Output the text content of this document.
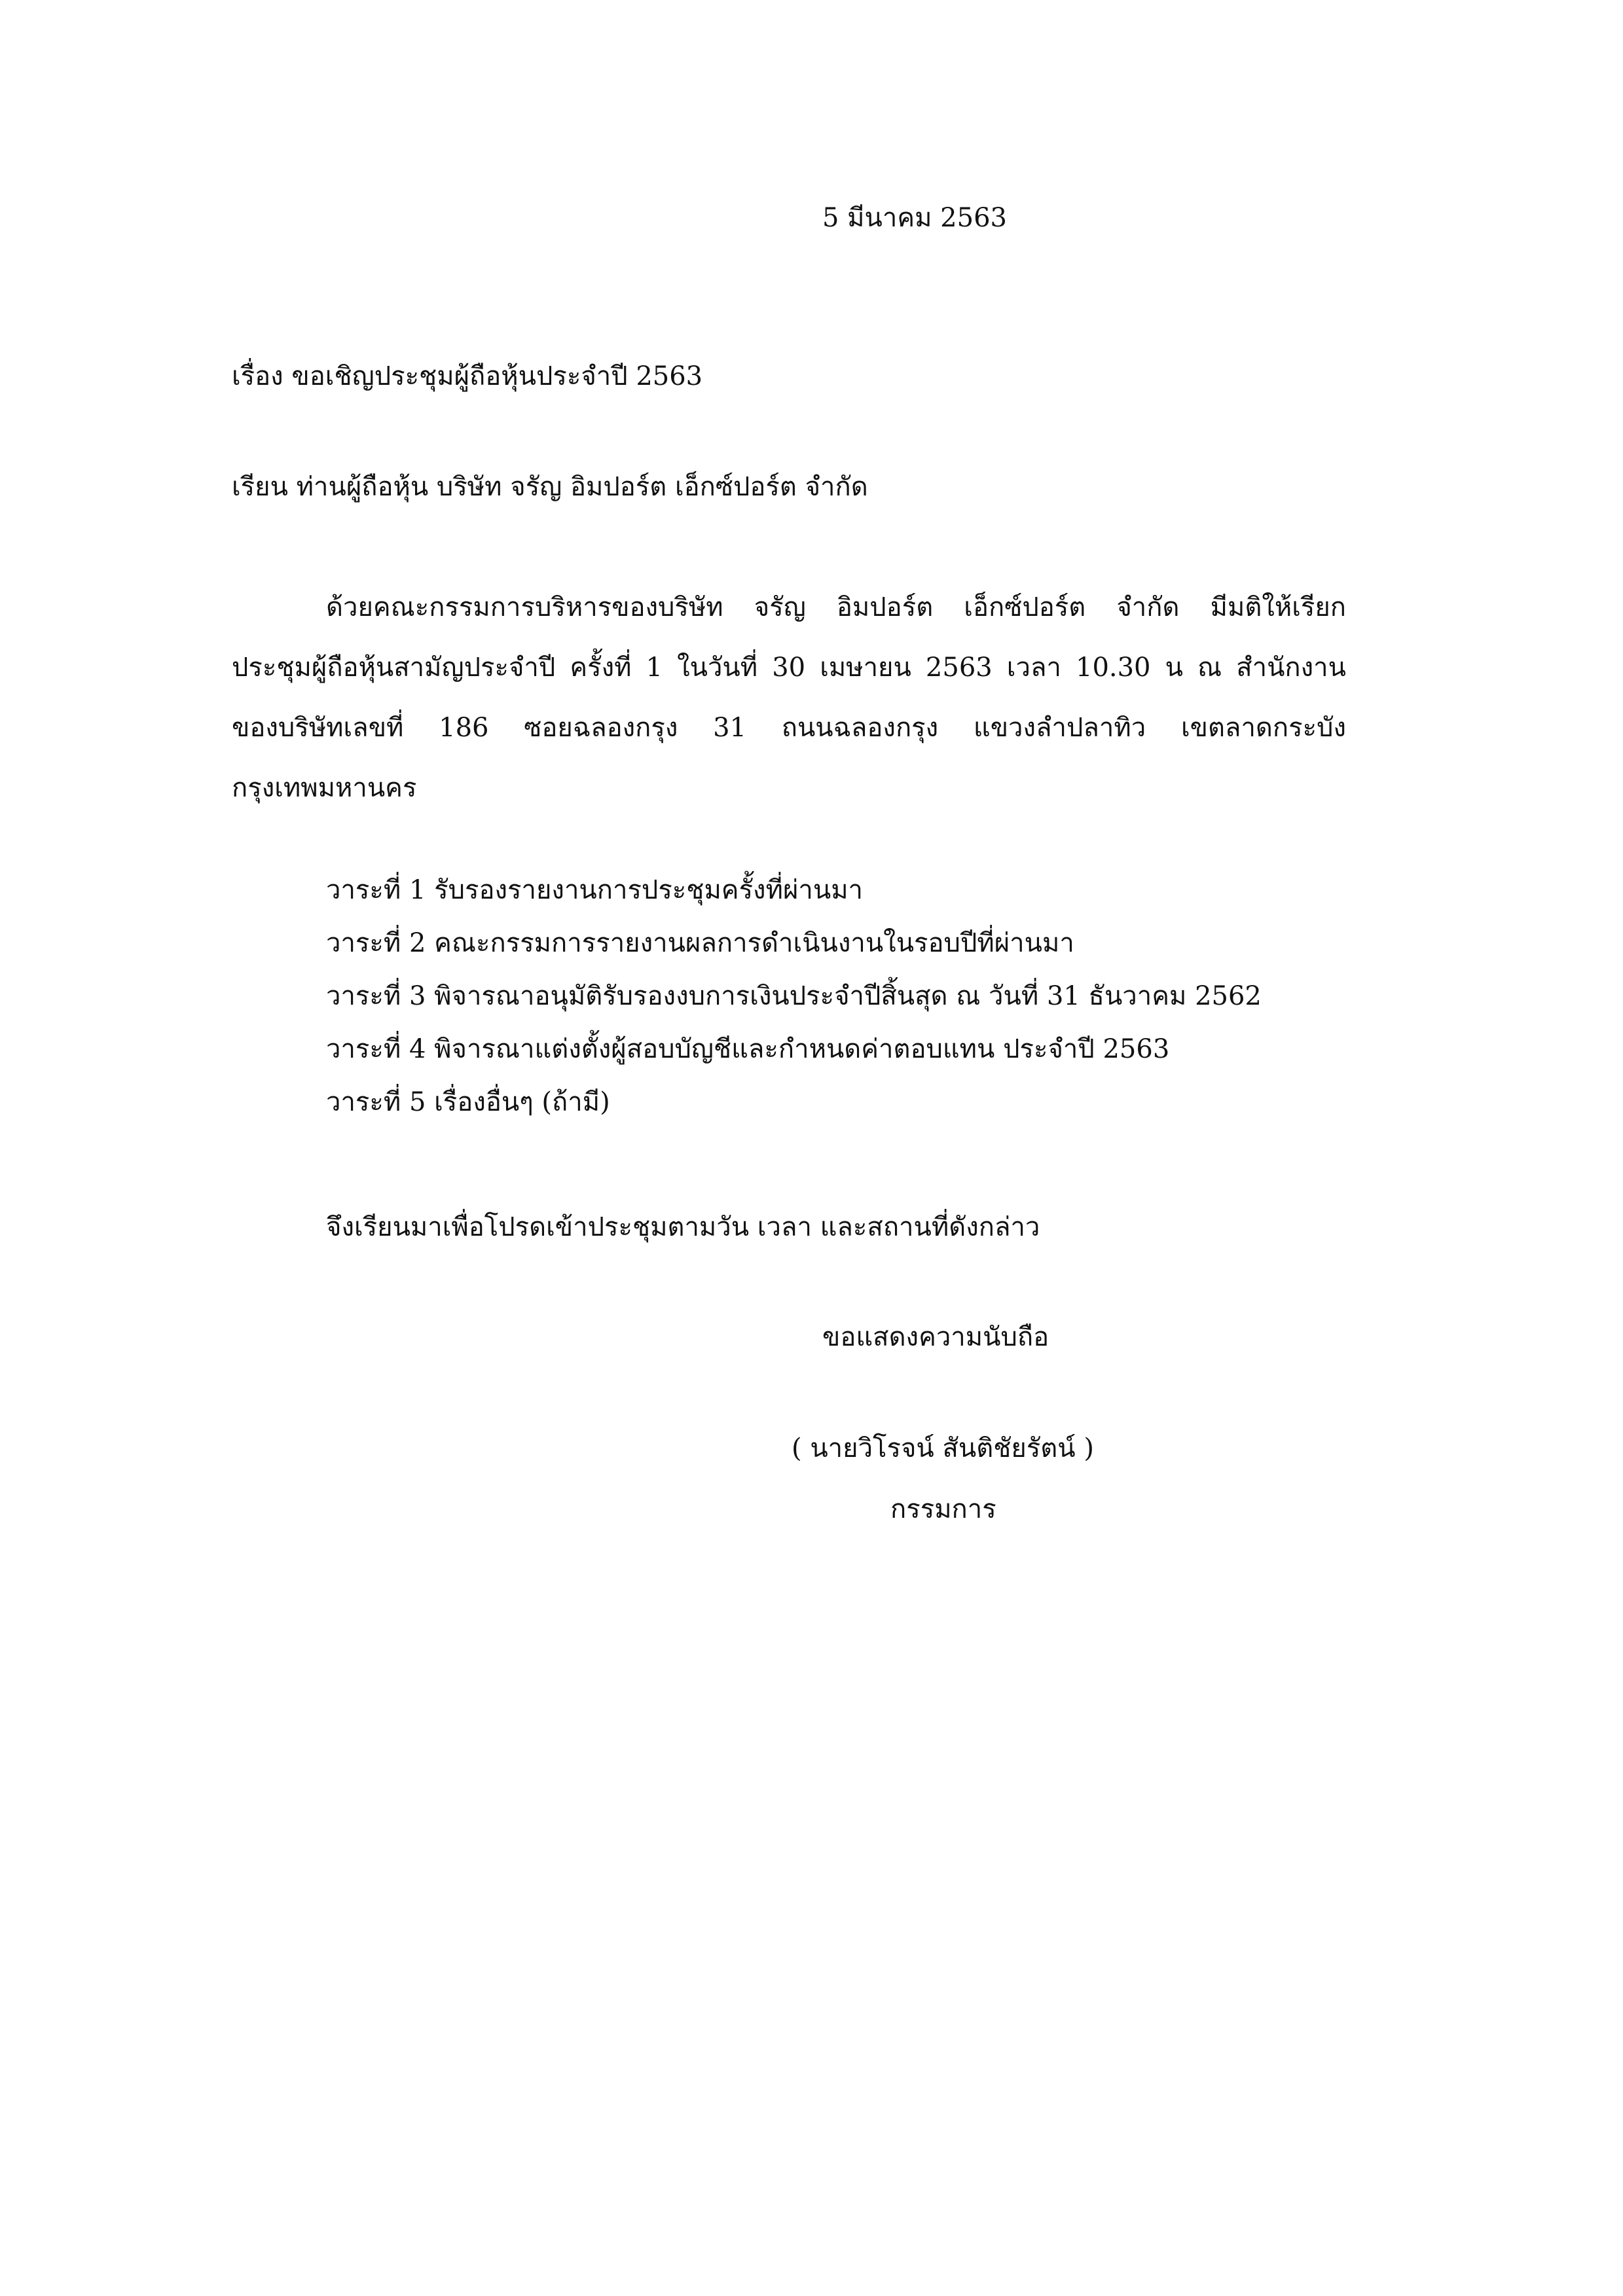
5 มีนาคม 2563
เรื่อง ขอเชิญประชุมผู้ถือหุ้นประจำปี 2563
เรียน ท่านผู้ถือหุ้น บริษัท จรัญ อิมปอร์ต เอ็กซ์ปอร์ต จำกัด
ด้วยคณะกรรมการบริหารของบริษัท จรัญ อิมปอร์ต เอ็กซ์ปอร์ต จำกัด มีมติให้เรียก
ประชุมผู้ถือหุ้นสามัญประจำปี ครั้งที่ 1 ในวันที่ 30 เมษายน 2563 เวลา 10.30 น ณ สำนักงาน
ของบริษัทเลขที่ 186 ซอยฉลองกรุง 31 ถนนฉลองกรุง แขวงลำปลาทิว เขตลาดกระบัง
กรุงเทพมหานคร
วาระที่ 1 รับรองรายงานการประชุมครั้งที่ผ่านมา
วาระที่ 2 คณะกรรมการรายงานผลการดำเนินงานในรอบปีที่ผ่านมา
วาระที่ 3 พิจารณาอนุมัติรับรองงบการเงินประจำปีสิ้นสุด ณ วันที่ 31 ธันวาคม 2562
วาระที่ 4 พิจารณาแต่งตั้งผู้สอบบัญชีและกำหนดค่าตอบแทน ประจำปี 2563
วาระที่ 5 เรื่องอื่นๆ (ถ้ามี)
จึงเรียนมาเพื่อโปรดเข้าประชุมตามวัน เวลา และสถานที่ดังกล่าว
ขอแสดงความนับถือ
( นายวิโรจน์ สันติชัยรัตน์ )
กรรมการ
